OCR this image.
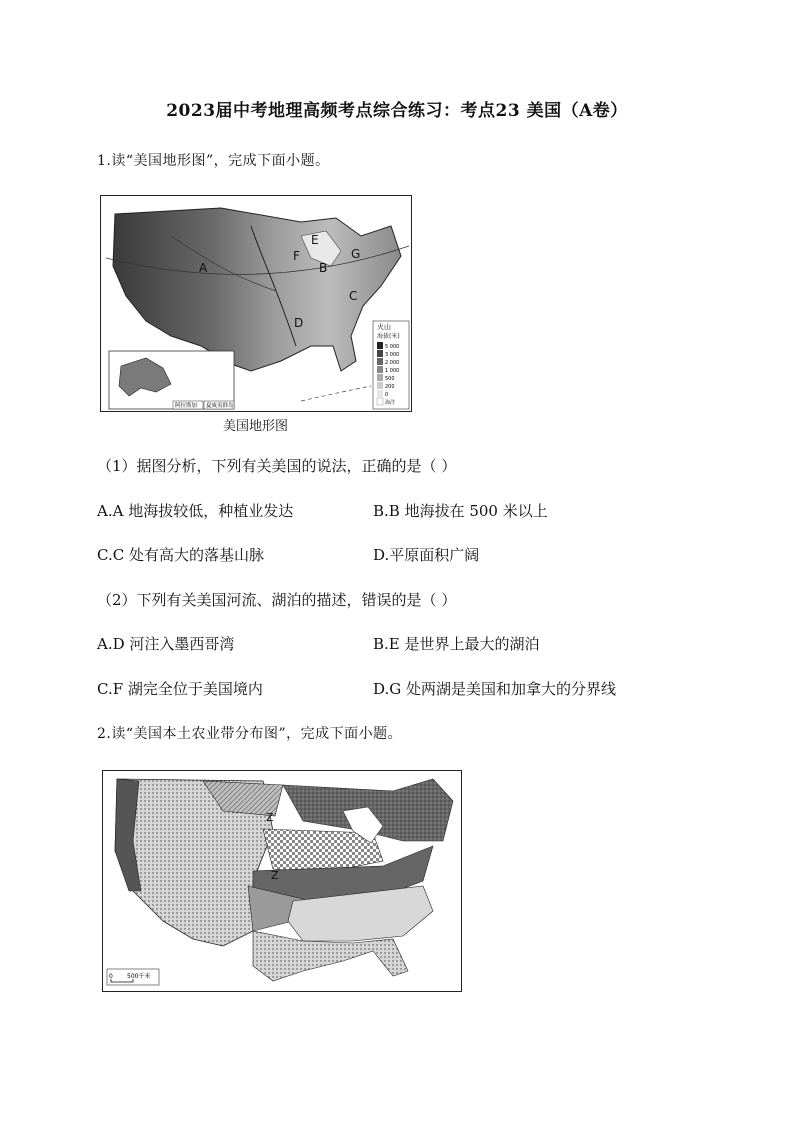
2023届中考地理高频考点综合练习：考点23 美国（A卷）
1.读“美国地形图”，完成下面小题。
A	B
C
D
E
F	G
火山
海拔(米)
5 000
3 000
2 000
1 000
500
200
0
海洋
阿拉斯加 夏威夷群岛
美国地形图
（1）据图分析，下列有关美国的说法，正确的是（ ）
A.A 地海拔较低，种植业发达	B.B 地海拔在 500 米以上
C.C 处有高大的落基山脉	D.平原面积广阔
（2）下列有关美国河流、湖泊的描述，错误的是（ ）
A.D 河注入墨西哥湾	B.E 是世界上最大的湖泊
C.F 湖完全位于美国境内	D.G 处两湖是美国和加拿大的分界线
2.读“美国本土农业带分布图”，完成下面小题。
Z
Z
0 500千米
